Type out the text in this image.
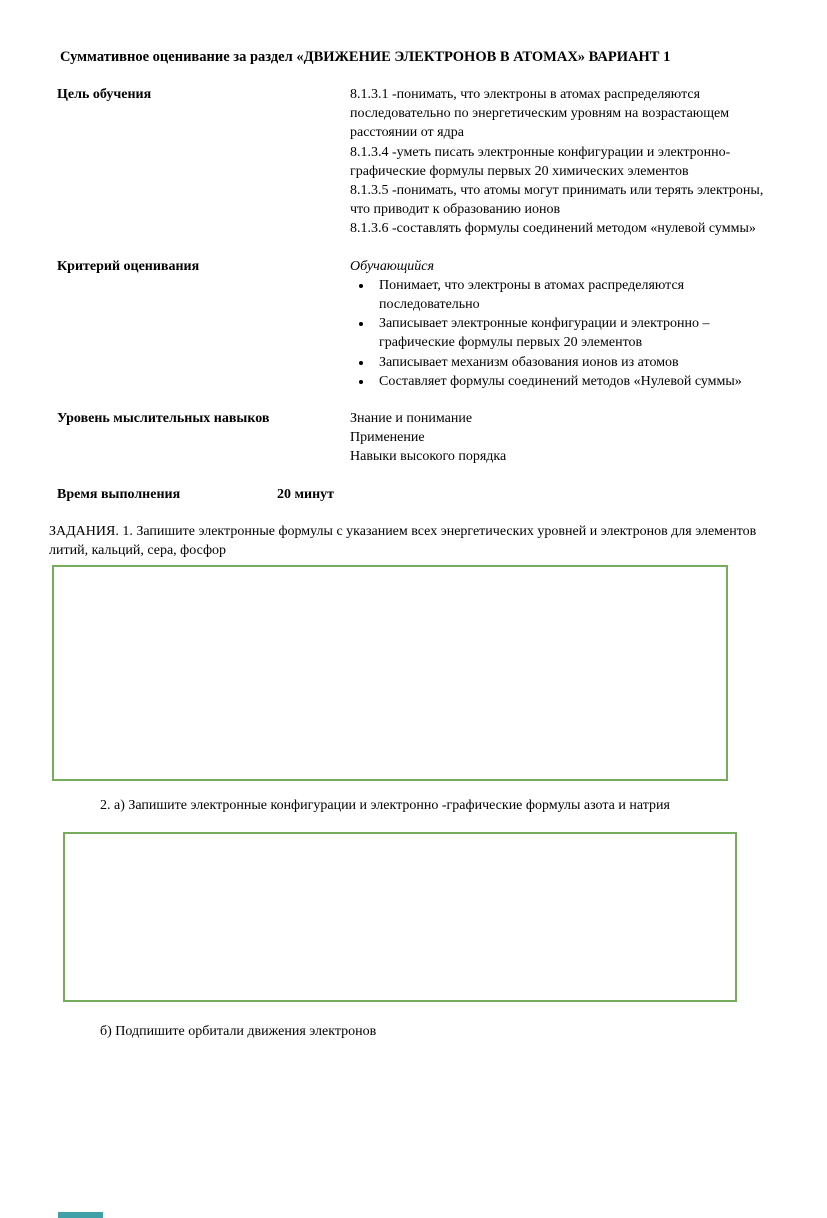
Суммативное оценивание за раздел «ДВИЖЕНИЕ ЭЛЕКТРОНОВ В АТОМАХ» ВАРИАНТ 1
Цель обучения	8.1.3.1 -понимать, что электроны в атомах распределяются последовательно по энергетическим уровням на возрастающем расстоянии от ядра
8.1.3.4 -уметь писать электронные конфигурации и электронно-графические формулы первых 20 химических элементов
8.1.3.5 -понимать, что атомы могут принимать или терять электроны, что приводит к образованию ионов
8.1.3.6 -составлять формулы соединений методом «нулевой суммы»
Критерий оценивания	Обучающийся
• Понимает, что электроны в атомах распределяются последовательно
• Записывает электронные конфигурации и электронно – графические формулы первых 20 элементов
• Записывает механизм обазования ионов из атомов
• Составляет формулы соединений методов «Нулевой суммы»
Уровень мыслительных навыков	Знание и понимание
Применение
Навыки высокого порядка
Время выполнения	20 минут
ЗАДАНИЯ. 1. Запишите электронные формулы с указанием всех энергетических уровней и электронов для элементов   литий, кальций, сера, фосфор
2. а) Запишите электронные конфигурации и электронно -графические формулы азота и натрия
б) Подпишите орбитали движения электронов
